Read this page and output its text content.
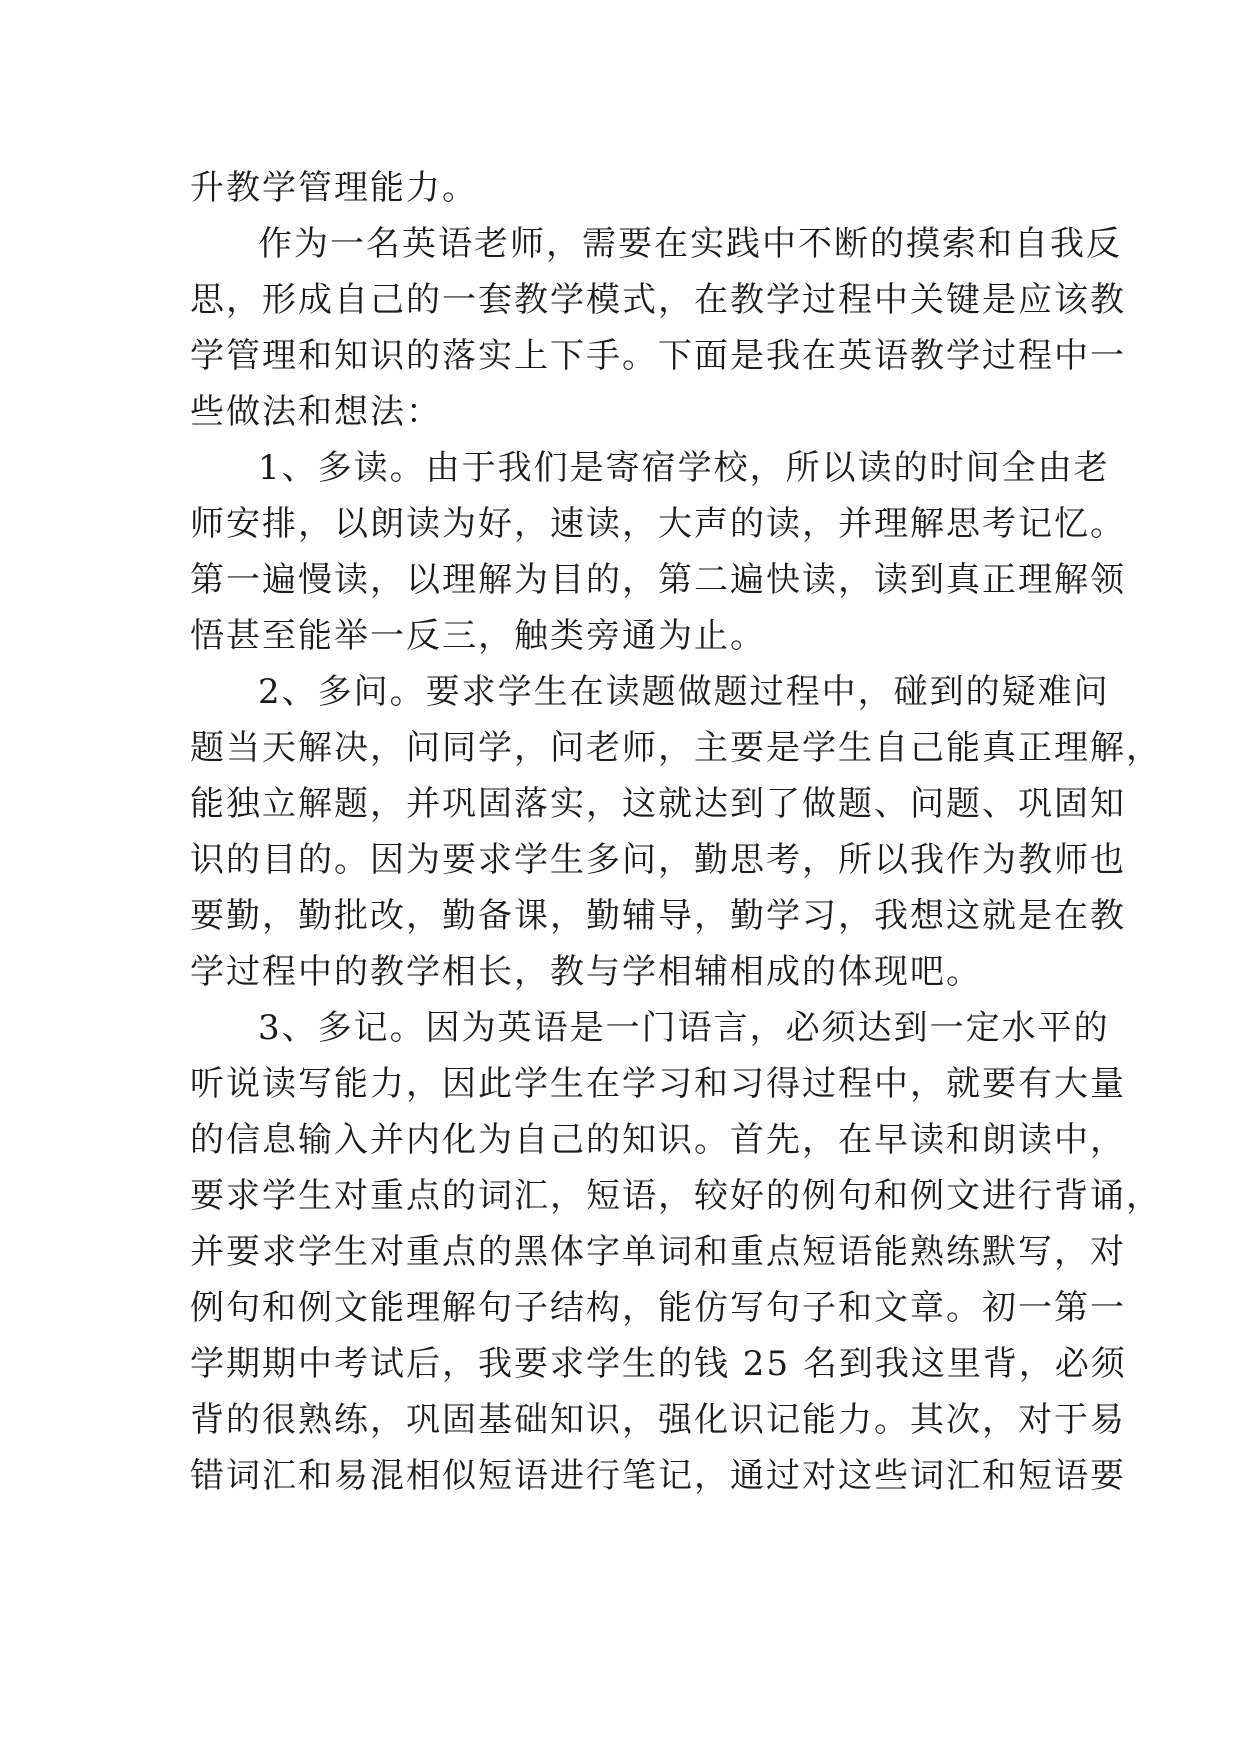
升教学管理能力。
作为一名英语老师，需要在实践中不断的摸索和自我反
思，形成自己的一套教学模式，在教学过程中关键是应该教
学管理和知识的落实上下手。下面是我在英语教学过程中一
些做法和想法：
1、多读。由于我们是寄宿学校，所以读的时间全由老
师安排，以朗读为好，速读，大声的读，并理解思考记忆。
第一遍慢读，以理解为目的，第二遍快读，读到真正理解领
悟甚至能举一反三，触类旁通为止。
2、多问。要求学生在读题做题过程中，碰到的疑难问
题当天解决，问同学，问老师，主要是学生自己能真正理解，
能独立解题，并巩固落实，这就达到了做题、问题、巩固知
识的目的。因为要求学生多问，勤思考，所以我作为教师也
要勤，勤批改，勤备课，勤辅导，勤学习，我想这就是在教
学过程中的教学相长，教与学相辅相成的体现吧。
3、多记。因为英语是一门语言，必须达到一定水平的
听说读写能力，因此学生在学习和习得过程中，就要有大量
的信息输入并内化为自己的知识。首先，在早读和朗读中，
要求学生对重点的词汇，短语，较好的例句和例文进行背诵，
并要求学生对重点的黑体字单词和重点短语能熟练默写，对
例句和例文能理解句子结构，能仿写句子和文章。初一第一
学期期中考试后，我要求学生的钱 25 名到我这里背，必须
背的很熟练，巩固基础知识，强化识记能力。其次，对于易
错词汇和易混相似短语进行笔记，通过对这些词汇和短语要
